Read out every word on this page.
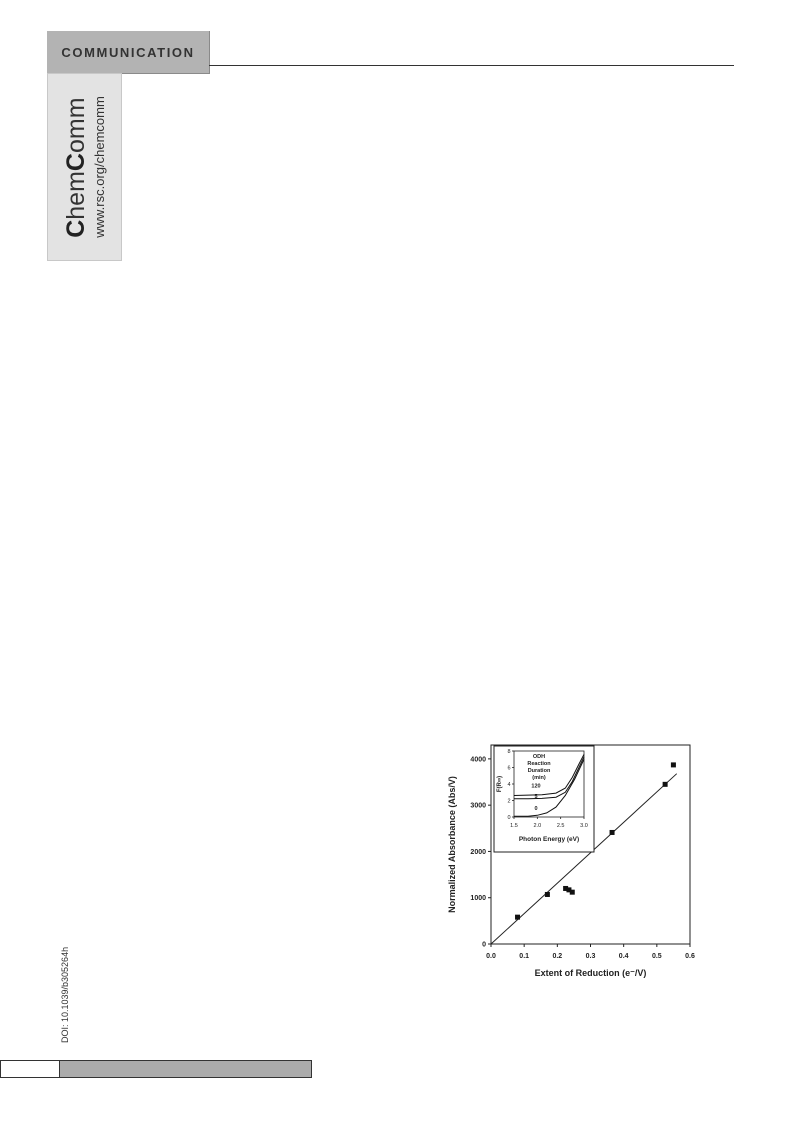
COMMUNICATION
ChemComm www.rsc.org/chemcomm
DOI: 10.1039/b305264h	0.0	0.1	0.2	0.3	0.4	0.5	0.6
0
1000
2000
3000
4000
Extent of Reduction (e⁻/V)
Normalized Absorbance (Abs/V)	1.5	2.0	2.5	3.0
0
2
4
6
8
Photon Energy (eV)
F(R∞)
ODH
Reaction
Duration
(min)
120
5
0
